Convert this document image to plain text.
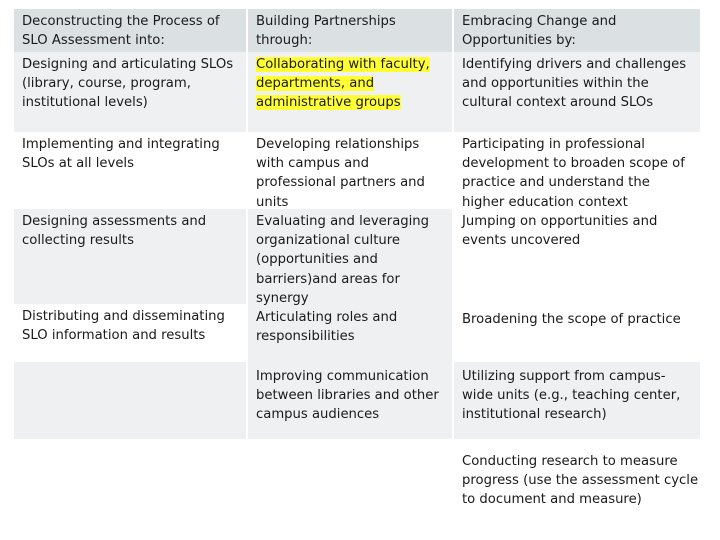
Deconstructing the Process of SLO Assessment into:
Building Partnerships through:
Embracing Change and Opportunities by:
Designing and articulating SLOs (library, course, program, institutional levels)
Collaborating with faculty, departments, and administrative groups
Identifying drivers and challenges and opportunities within the cultural context around SLOs
Implementing and integrating SLOs at all levels
Developing relationships with campus and professional partners and units
Participating in professional development to broaden scope of practice and understand the higher education context
Jumping on opportunities and events uncovered
Designing assessments and collecting results
Evaluating and leveraging organizational culture (opportunities and barriers)and areas for synergy
Articulating roles and responsibilities
Distributing and disseminating SLO information and results
Broadening the scope of practice
Improving communication between libraries and other campus audiences
Utilizing support from campus-wide units (e.g., teaching center, institutional research)
Conducting research to measure progress (use the assessment cycle to document and measure)
